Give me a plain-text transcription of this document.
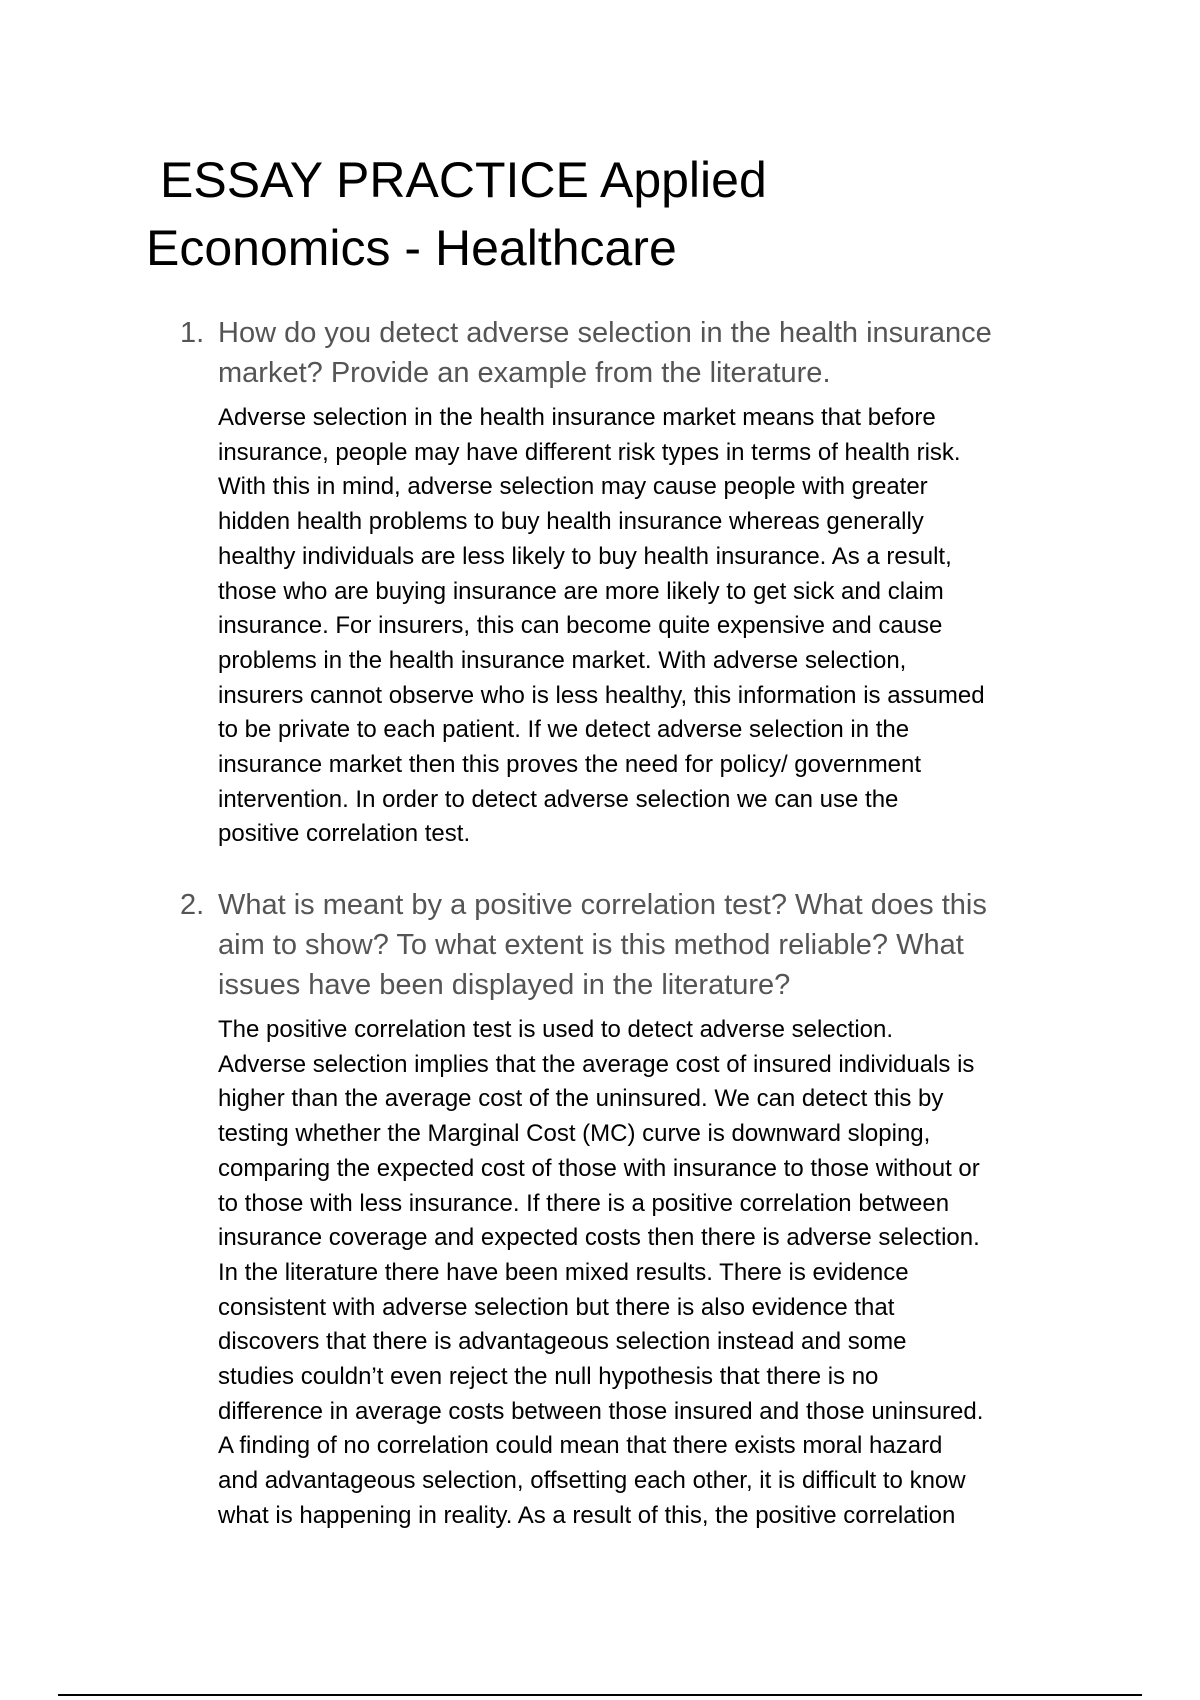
ESSAY PRACTICE Applied
Economics - Healthcare
1. How do you detect adverse selection in the health insurance
market? Provide an example from the literature.

Adverse selection in the health insurance market means that before
insurance, people may have different risk types in terms of health risk.
With this in mind, adverse selection may cause people with greater
hidden health problems to buy health insurance whereas generally
healthy individuals are less likely to buy health insurance. As a result,
those who are buying insurance are more likely to get sick and claim
insurance. For insurers, this can become quite expensive and cause
problems in the health insurance market. With adverse selection,
insurers cannot observe who is less healthy, this information is assumed
to be private to each patient. If we detect adverse selection in the
insurance market then this proves the need for policy/ government
intervention. In order to detect adverse selection we can use the
positive correlation test.

2. What is meant by a positive correlation test? What does this
aim to show? To what extent is this method reliable? What
issues have been displayed in the literature?

The positive correlation test is used to detect adverse selection.
Adverse selection implies that the average cost of insured individuals is
higher than the average cost of the uninsured. We can detect this by
testing whether the Marginal Cost (MC) curve is downward sloping,
comparing the expected cost of those with insurance to those without or
to those with less insurance. If there is a positive correlation between
insurance coverage and expected costs then there is adverse selection.
In the literature there have been mixed results. There is evidence
consistent with adverse selection but there is also evidence that
discovers that there is advantageous selection instead and some
studies couldn’t even reject the null hypothesis that there is no
difference in average costs between those insured and those uninsured.
A finding of no correlation could mean that there exists moral hazard
and advantageous selection, offsetting each other, it is difficult to know
what is happening in reality. As a result of this, the positive correlation
